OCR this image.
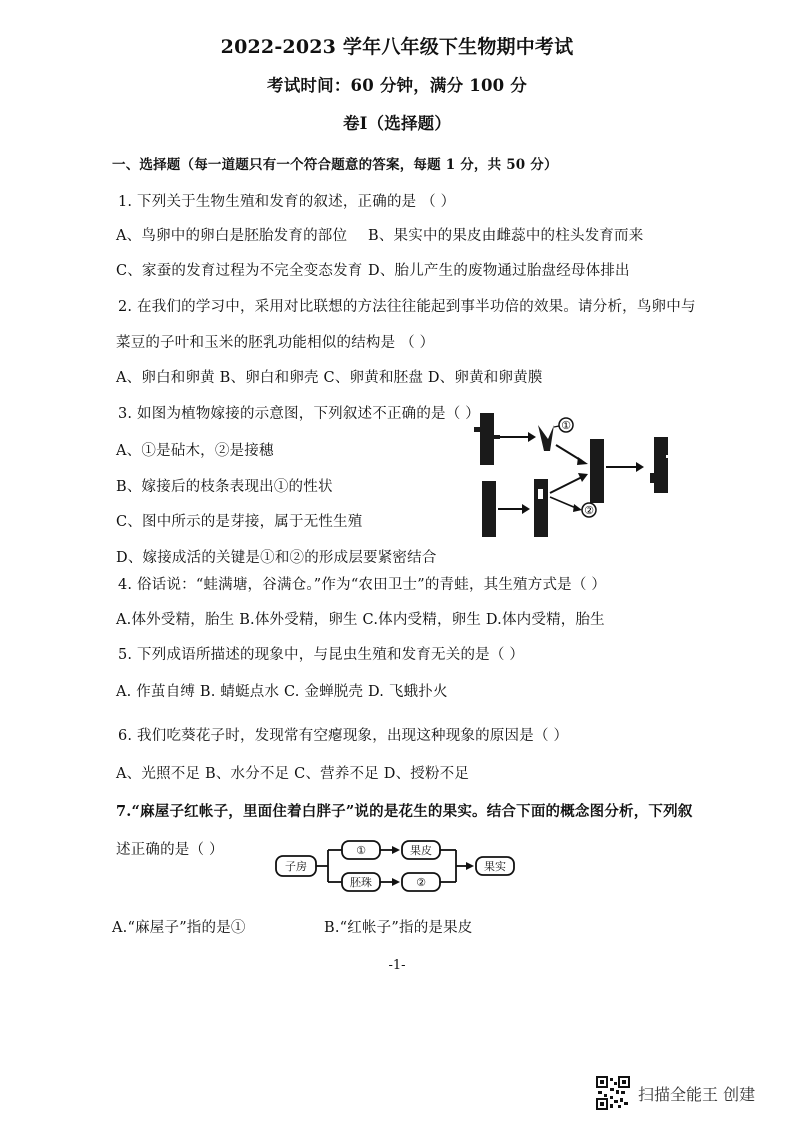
2022-2023 学年八年级下生物期中考试
考试时间：60 分钟，满分 100 分
卷Ⅰ（选择题）
一、选择题（每一道题只有一个符合题意的答案，每题 1 分，共 50 分）
1. 下列关于生物生殖和发育的叙述，正确的是 （ ）
A、鸟卵中的卵白是胚胎发育的部位 B、果实中的果皮由雌蕊中的柱头发育而来
C、家蚕的发育过程为不完全变态发育 D、胎儿产生的废物通过胎盘经母体排出
2. 在我们的学习中，采用对比联想的方法往往能起到事半功倍的效果。请分析，鸟卵中与
菜豆的子叶和玉米的胚乳功能相似的结构是 （ ）
A、卵白和卵黄 B、卵白和卵壳 C、卵黄和胚盘 D、卵黄和卵黄膜
3. 如图为植物嫁接的示意图，下列叙述不正确的是（ ）
A、①是砧木，②是接穗
B、嫁接后的枝条表现出①的性状
C、图中所示的是芽接，属于无性生殖
D、嫁接成活的关键是①和②的形成层要紧密结合
①
②
4. 俗话说：“蛙满塘，谷满仓。”作为“农田卫士”的青蛙，其生殖方式是（ ）
A.体外受精，胎生 B.体外受精，卵生 C.体内受精，卵生 D.体内受精，胎生
5. 下列成语所描述的现象中，与昆虫生殖和发育无关的是（ ）
A. 作茧自缚 B. 蜻蜓点水 C. 金蝉脱壳 D. 飞蛾扑火
6. 我们吃葵花子时，发现常有空瘪现象，出现这种现象的原因是（ ）
A、光照不足 B、水分不足 C、营养不足 D、授粉不足
7.“麻屋子红帐子，里面住着白胖子”说的是花生的果实。结合下面的概念图分析，下列叙
述正确的是（ ）
子房
①	果皮
胚珠	②
果实
A.“麻屋子”指的是①	B.“红帐子”指的是果皮
-1-
扫描全能王 创建
